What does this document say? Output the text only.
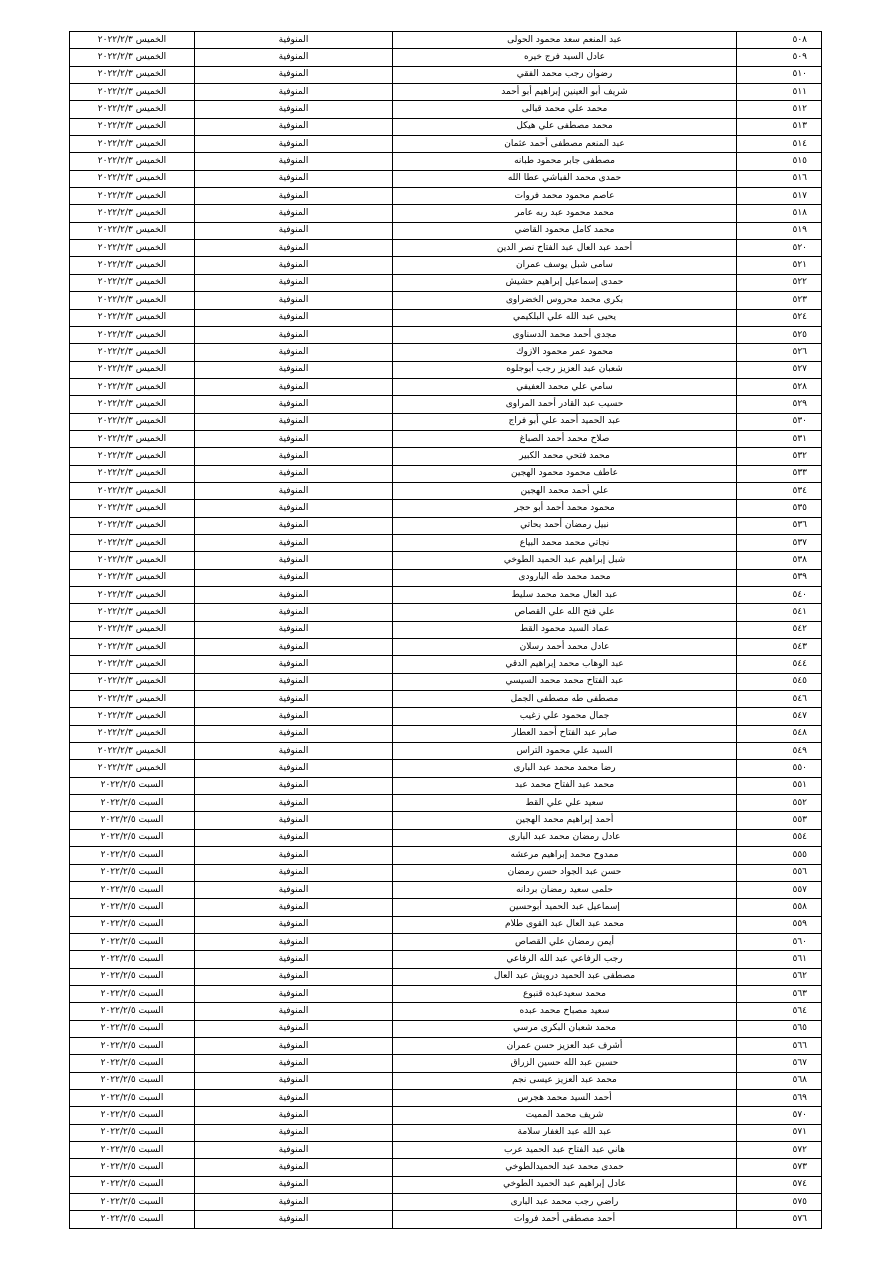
٥٠٨	عبد المنعم سعد محمود الحولى	المنوفية	الخميس ٢٠٢٢/٢/٣
٥٠٩	عادل السيد فرج خيره	المنوفية	الخميس ٢٠٢٢/٢/٣
٥١٠	رضوان رجب محمد الفقي	المنوفية	الخميس ٢٠٢٢/٢/٣
٥١١	شريف أبو العينين إبراهيم أبو أحمد	المنوفية	الخميس ٢٠٢٢/٢/٣
٥١٢	محمد علي محمد قبالى	المنوفية	الخميس ٢٠٢٢/٢/٣
٥١٣	محمد مصطفى علي هيكل	المنوفية	الخميس ٢٠٢٢/٢/٣
٥١٤	عبد المنعم مصطفى أحمد عثمان	المنوفية	الخميس ٢٠٢٢/٢/٣
٥١٥	مصطفى جابر محمود طبانه	المنوفية	الخميس ٢٠٢٢/٢/٣
٥١٦	حمدى محمد الفباشي عطا الله	المنوفية	الخميس ٢٠٢٢/٢/٣
٥١٧	عاصم محمود محمد فروات	المنوفية	الخميس ٢٠٢٢/٢/٣
٥١٨	محمد محمود عبد ربه عامر	المنوفية	الخميس ٢٠٢٢/٢/٣
٥١٩	محمد كامل محمود القاضي	المنوفية	الخميس ٢٠٢٢/٢/٣
٥٢٠	أحمد عبد العال عبد الفتاح نصر الدين	المنوفية	الخميس ٢٠٢٢/٢/٣
٥٢١	سامى شبل يوسف عمران	المنوفية	الخميس ٢٠٢٢/٢/٣
٥٢٢	حمدى إسماعيل إبراهيم حشيش	المنوفية	الخميس ٢٠٢٢/٢/٣
٥٢٣	بكرى محمد محروس الخضراوى	المنوفية	الخميس ٢٠٢٢/٢/٣
٥٢٤	يحيى عبد الله علي البلكيمي	المنوفية	الخميس ٢٠٢٢/٢/٣
٥٢٥	مجدى أحمد محمد الدسناوى	المنوفية	الخميس ٢٠٢٢/٢/٣
٥٢٦	محمود عمر محمود الازوك	المنوفية	الخميس ٢٠٢٢/٢/٣
٥٢٧	شعبان عبد العزيز رجب أبوجلوه	المنوفية	الخميس ٢٠٢٢/٢/٣
٥٢٨	سامي علي محمد العفيفي	المنوفية	الخميس ٢٠٢٢/٢/٣
٥٢٩	حسيب عبد القادر أحمد المراوى	المنوفية	الخميس ٢٠٢٢/٢/٣
٥٣٠	عبد الحميد أحمد علي أبو فراج	المنوفية	الخميس ٢٠٢٢/٢/٣
٥٣١	صلاح محمد أحمد الصباغ	المنوفية	الخميس ٢٠٢٢/٢/٣
٥٣٢	محمد فتحي محمد الكبير	المنوفية	الخميس ٢٠٢٢/٢/٣
٥٣٣	عاطف محمود محمود الهجين	المنوفية	الخميس ٢٠٢٢/٢/٣
٥٣٤	علي أحمد محمد الهجين	المنوفية	الخميس ٢٠٢٢/٢/٣
٥٣٥	محمود محمد أحمد أبو حجر	المنوفية	الخميس ٢٠٢٢/٢/٣
٥٣٦	نبيل رمضان أحمد بحاتي	المنوفية	الخميس ٢٠٢٢/٢/٣
٥٣٧	نجاتي محمد محمد البياع	المنوفية	الخميس ٢٠٢٢/٢/٣
٥٣٨	شبل إبراهيم عبد الحميد الطوخي	المنوفية	الخميس ٢٠٢٢/٢/٣
٥٣٩	محمد محمد طه البارودى	المنوفية	الخميس ٢٠٢٢/٢/٣
٥٤٠	عبد العال محمد محمد سليط	المنوفية	الخميس ٢٠٢٢/٢/٣
٥٤١	علي فتح الله علي القصاص	المنوفية	الخميس ٢٠٢٢/٢/٣
٥٤٢	عماد السيد محمود القط	المنوفية	الخميس ٢٠٢٢/٢/٣
٥٤٣	عادل محمد أحمد رسلان	المنوفية	الخميس ٢٠٢٢/٢/٣
٥٤٤	عبد الوهاب محمد إبراهيم الدقي	المنوفية	الخميس ٢٠٢٢/٢/٣
٥٤٥	عبد الفتاح محمد محمد السيسي	المنوفية	الخميس ٢٠٢٢/٢/٣
٥٤٦	مصطفى طه مصطفى الجمل	المنوفية	الخميس ٢٠٢٢/٢/٣
٥٤٧	جمال محمود علي زغيب	المنوفية	الخميس ٢٠٢٢/٢/٣
٥٤٨	صابر عبد الفتاح أحمد العطار	المنوفية	الخميس ٢٠٢٢/٢/٣
٥٤٩	السيد علي محمود التراس	المنوفية	الخميس ٢٠٢٢/٢/٣
٥٥٠	رضا محمد محمد عبد البارى	المنوفية	الخميس ٢٠٢٢/٢/٣
٥٥١	محمد عبد الفتاح محمد عبد	المنوفية	السبت ٢٠٢٢/٢/٥
٥٥٢	سعيد علي علي القط	المنوفية	السبت ٢٠٢٢/٢/٥
٥٥٣	أحمد إبراهيم محمد الهجين	المنوفية	السبت ٢٠٢٢/٢/٥
٥٥٤	عادل رمضان محمد عبد البارى	المنوفية	السبت ٢٠٢٢/٢/٥
٥٥٥	ممدوح محمد إبراهيم مرعشه	المنوفية	السبت ٢٠٢٢/٢/٥
٥٥٦	حسن عبد الجواد حسن رمضان	المنوفية	السبت ٢٠٢٢/٢/٥
٥٥٧	حلمى سعيد رمضان بردانه	المنوفية	السبت ٢٠٢٢/٢/٥
٥٥٨	إسماعيل عبد الحميد أبوحسين	المنوفية	السبت ٢٠٢٢/٢/٥
٥٥٩	محمد عبد العال عبد القوى طلام	المنوفية	السبت ٢٠٢٢/٢/٥
٥٦٠	أيمن رمضان علي القصاص	المنوفية	السبت ٢٠٢٢/٢/٥
٥٦١	رجب الرفاعي عبد الله الرفاعي	المنوفية	السبت ٢٠٢٢/٢/٥
٥٦٢	مصطفى عبد الحميد درويش عبد العال	المنوفية	السبت ٢٠٢٢/٢/٥
٥٦٣	محمد سعيدعبده قنبوع	المنوفية	السبت ٢٠٢٢/٢/٥
٥٦٤	سعيد مصباح محمد عبده	المنوفية	السبت ٢٠٢٢/٢/٥
٥٦٥	محمد شعبان البكرى مرسي	المنوفية	السبت ٢٠٢٢/٢/٥
٥٦٦	أشرف عبد العزيز حسن عمران	المنوفية	السبت ٢٠٢٢/٢/٥
٥٦٧	حسين عبد الله حسين الزراق	المنوفية	السبت ٢٠٢٢/٢/٥
٥٦٨	محمد عبد العزيز عيسى نجم	المنوفية	السبت ٢٠٢٢/٢/٥
٥٦٩	أحمد السيد محمد هجرس	المنوفية	السبت ٢٠٢٢/٢/٥
٥٧٠	شريف محمد المميت	المنوفية	السبت ٢٠٢٢/٢/٥
٥٧١	عبد الله عبد الغفار سلامة	المنوفية	السبت ٢٠٢٢/٢/٥
٥٧٢	هاني عبد الفتاح عبد الحميد عرب	المنوفية	السبت ٢٠٢٢/٢/٥
٥٧٣	حمدى محمد عبد الحميدالطوخي	المنوفية	السبت ٢٠٢٢/٢/٥
٥٧٤	عادل إبراهيم عبد الحميد الطوخي	المنوفية	السبت ٢٠٢٢/٢/٥
٥٧٥	راضي رجب محمد عبد البارى	المنوفية	السبت ٢٠٢٢/٢/٥
٥٧٦	أحمد مصطفى أحمد فروات	المنوفية	السبت ٢٠٢٢/٢/٥
